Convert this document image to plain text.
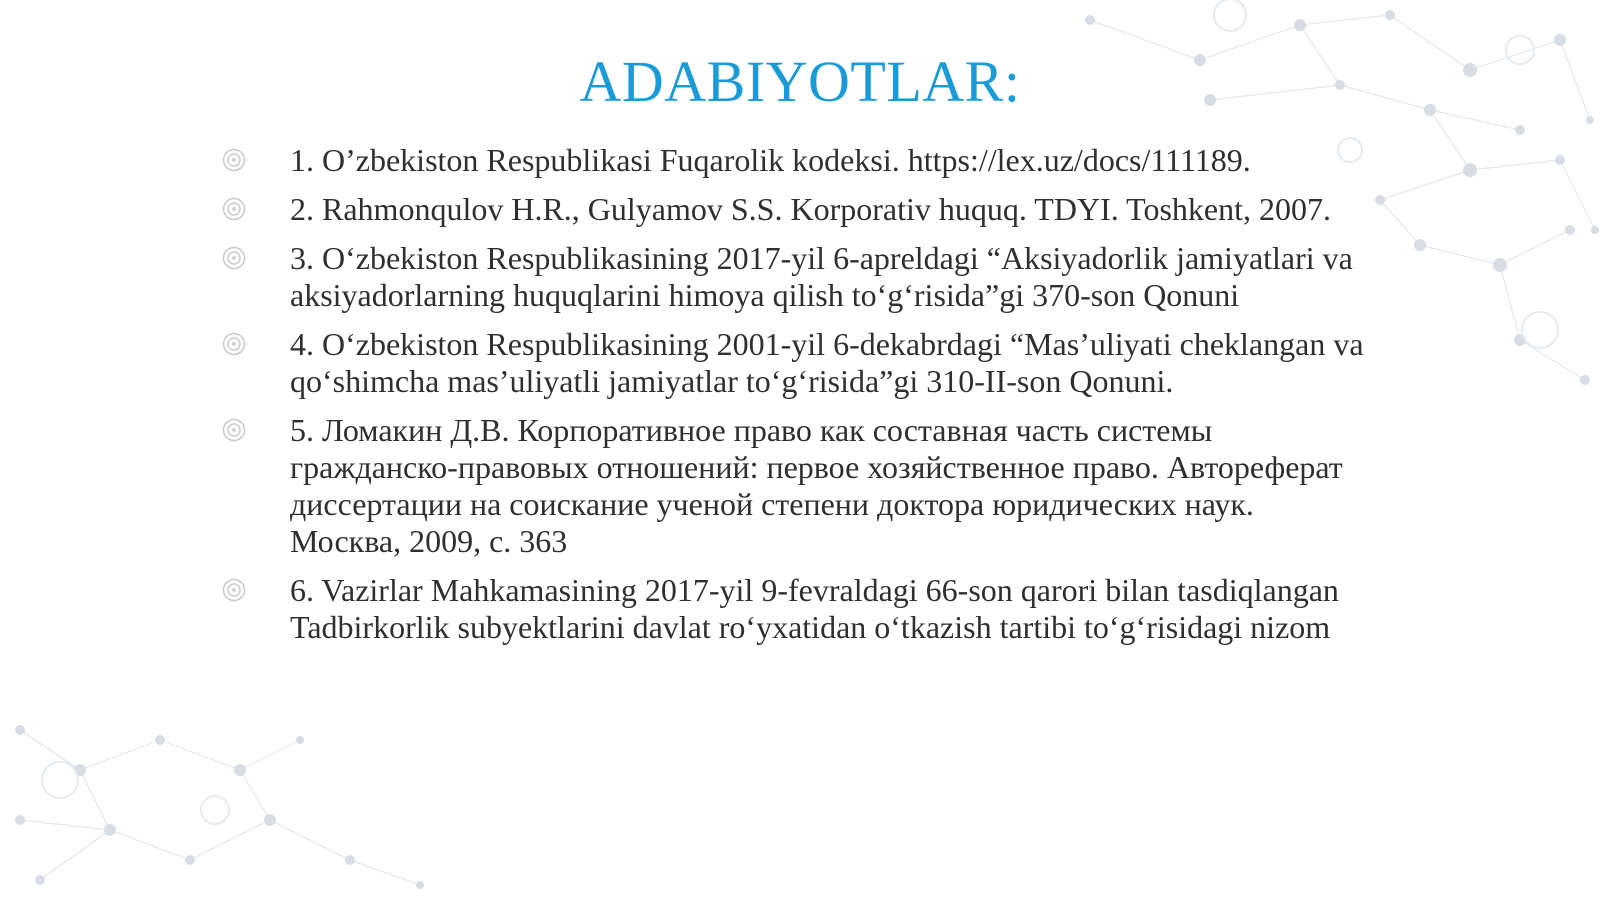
ADABIYOTLAR:
1. O’zbekiston Respublikasi Fuqarolik kodeksi. https://lex.uz/docs/111189.
2. Rahmonqulov H.R., Gulyamov S.S. Korporativ huquq. TDYI. Toshkent, 2007.
3. O‘zbekiston Respublikasining 2017-yil 6-apreldagi “Aksiyadorlik jamiyatlari va aksiyadorlarning huquqlarini himoya qilish to‘g‘risida”gi 370-son Qonuni
4. O‘zbekiston Respublikasining 2001-yil 6-dekabrdagi “Mas’uliyati cheklangan va qo‘shimcha mas’uliyatli jamiyatlar to‘g‘risida”gi 310-II-son Qonuni.
5. Ломакин Д.В. Корпоративное право как составная часть системы гражданско-правовых отношений: первое хозяйственное право. Автореферат диссертации на соискание ученой степени доктора юридических наук. Москва, 2009, с. 363
6. Vazirlar Mahkamasining 2017-yil 9-fevraldagi 66-son qarori bilan tasdiqlangan Tadbirkorlik subyektlarini davlat ro‘yxatidan o‘tkazish tartibi to‘g‘risidagi nizom
